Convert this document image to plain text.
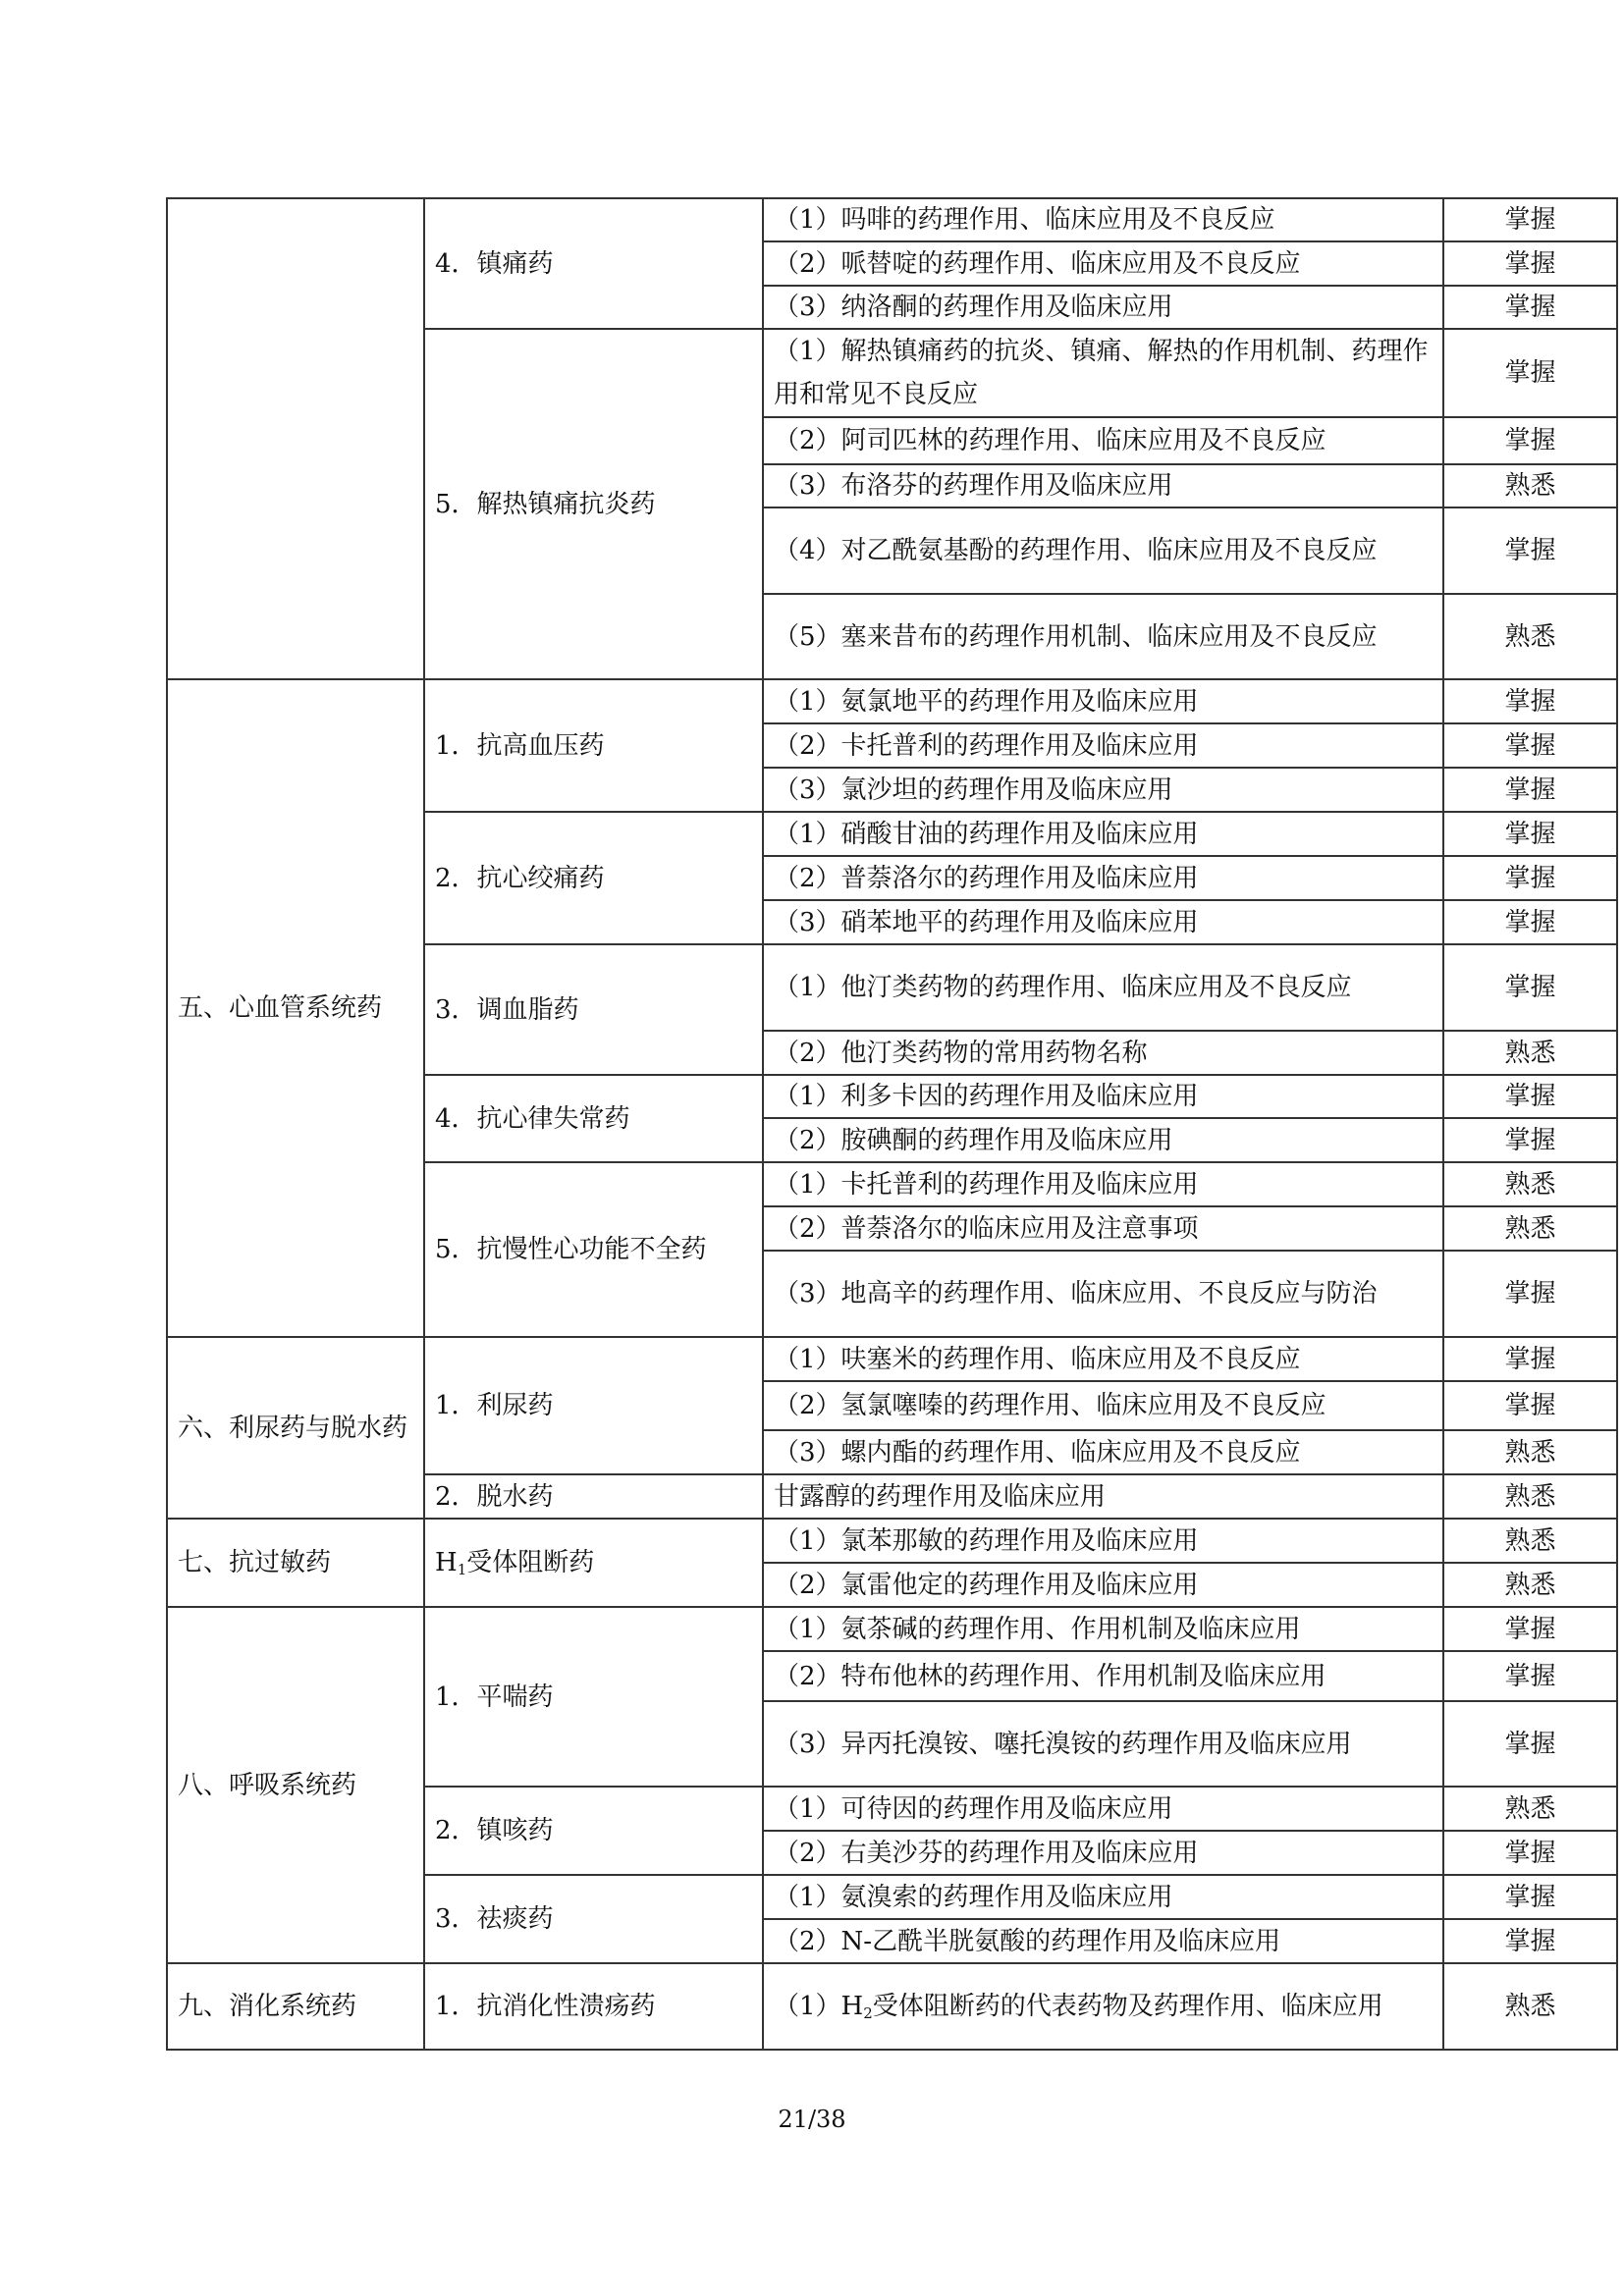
	4．镇痛药	（1）吗啡的药理作用、临床应用及不良反应	掌握
		（2）哌替啶的药理作用、临床应用及不良反应	掌握
		（3）纳洛酮的药理作用及临床应用	掌握
	5．解热镇痛抗炎药	（1）解热镇痛药的抗炎、镇痛、解热的作用机制、药理作用和常见不良反应	掌握
		（2）阿司匹林的药理作用、临床应用及不良反应	掌握
		（3）布洛芬的药理作用及临床应用	熟悉
		（4）对乙酰氨基酚的药理作用、临床应用及不良反应	掌握
		（5）塞来昔布的药理作用机制、临床应用及不良反应	熟悉
五、心血管系统药	1．抗高血压药	（1）氨氯地平的药理作用及临床应用	掌握
		（2）卡托普利的药理作用及临床应用	掌握
		（3）氯沙坦的药理作用及临床应用	掌握
	2．抗心绞痛药	（1）硝酸甘油的药理作用及临床应用	掌握
		（2）普萘洛尔的药理作用及临床应用	掌握
		（3）硝苯地平的药理作用及临床应用	掌握
	3．调血脂药	（1）他汀类药物的药理作用、临床应用及不良反应	掌握
		（2）他汀类药物的常用药物名称	熟悉
	4．抗心律失常药	（1）利多卡因的药理作用及临床应用	掌握
		（2）胺碘酮的药理作用及临床应用	掌握
	5．抗慢性心功能不全药	（1）卡托普利的药理作用及临床应用	熟悉
		（2）普萘洛尔的临床应用及注意事项	熟悉
		（3）地高辛的药理作用、临床应用、不良反应与防治	掌握
六、利尿药与脱水药	1．利尿药	（1）呋塞米的药理作用、临床应用及不良反应	掌握
		（2）氢氯噻嗪的药理作用、临床应用及不良反应	掌握
		（3）螺内酯的药理作用、临床应用及不良反应	熟悉
	2．脱水药	甘露醇的药理作用及临床应用	熟悉
七、抗过敏药	$H_1$受体阻断药	（1）氯苯那敏的药理作用及临床应用	熟悉
		（2）氯雷他定的药理作用及临床应用	熟悉
八、呼吸系统药	1．平喘药	（1）氨茶碱的药理作用、作用机制及临床应用	掌握
		（2）特布他林的药理作用、作用机制及临床应用	掌握
		（3）异丙托溴铵、噻托溴铵的药理作用及临床应用	掌握
	2．镇咳药	（1）可待因的药理作用及临床应用	熟悉
		（2）右美沙芬的药理作用及临床应用	掌握
	3．祛痰药	（1）氨溴索的药理作用及临床应用	掌握
		（2）N-乙酰半胱氨酸的药理作用及临床应用	掌握
九、消化系统药	1．抗消化性溃疡药	$(1)H_2$受体阻断药的代表药物及药理作用、临床应用	熟悉
21/38
